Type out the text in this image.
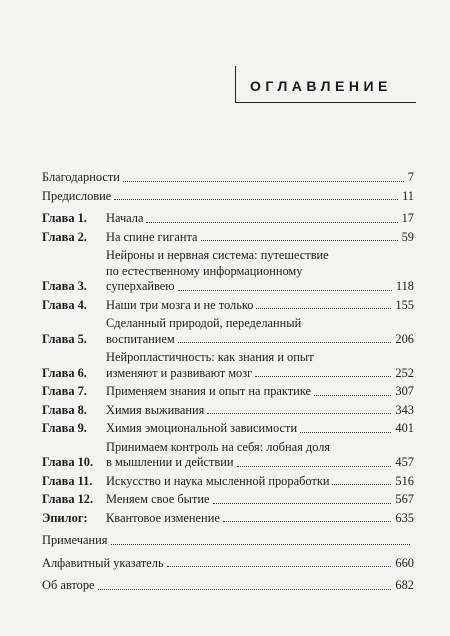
ОГЛАВЛЕНИЕ
Благодарности	7
Предисловие	11
Глава 1.	Начала	17
Глава 2.	На спине гиганта	59
Глава 3.
Нейроны и нервная система: путешествие
по естественному информационному
суперхайвею	118
Глава 4.	Наши три мозга и не только	155
Глава 5.
Сделанный природой, переделанный
воспитанием	206
Глава 6.
Нейропластичность: как знания и опыт
изменяют и развивают мозг	252
Глава 7.	Применяем знания и опыт на практике	307
Глава 8.	Химия выживания	343
Глава 9.	Химия эмоциональной зависимости	401
Глава 10.
Принимаем контроль на себя: лобная доля
в мышлении и действии	457
Глава 11.	Искусство и наука мысленной проработки	516
Глава 12.	Меняем свое бытие	567
Эпилог:	Квантовое изменение	635
Примечания
Алфавитный указатель	660
Об авторе	682
